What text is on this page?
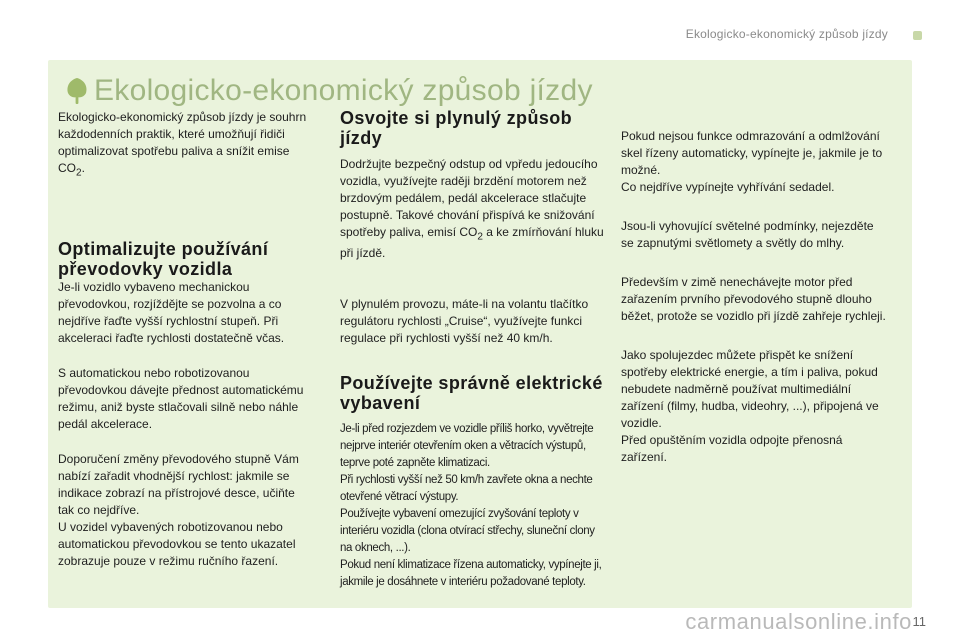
Ekologicko-ekonomický způsob jízdy
Ekologicko-ekonomický způsob jízdy

Ekologicko-ekonomický způsob jízdy je souhrn každodenních praktik, které umožňují řidiči optimalizovat spotřebu paliva a snížit emise $CO_2$.

Optimalizujte používání převodovky vozidla

Je-li vozidlo vybaveno mechanickou převodovkou, rozjíždějte se pozvolna a co nejdříve řaďte vyšší rychlostní stupeň. Při akceleraci řaďte rychlosti dostatečně včas.

S automatickou nebo robotizovanou převodovkou dávejte přednost automatickému režimu, aniž byste stlačovali silně nebo náhle pedál akcelerace.

Doporučení změny převodového stupně Vám nabízí zařadit vhodnější rychlost: jakmile se indikace zobrazí na přístrojové desce, učiňte tak co nejdříve.

U vozidel vybavených robotizovanou nebo automatickou převodovkou se tento ukazatel zobrazuje pouze v režimu ručního řazení.

Osvojte si plynulý způsob jízdy

Dodržujte bezpečný odstup od vpředu jedoucího vozidla, využívejte raději brzdění motorem než brzdovým pedálem, pedál akcelerace stlačujte postupně. Takové chování přispívá ke snižování spotřeby paliva, emisí $CO_2$ a ke zmírňování hluku při jízdě.

V plynulém provozu, máte-li na volantu tlačítko regulátoru rychlosti „Cruise“, využívejte funkci regulace při rychlosti vyšší než 40 km/h.

Používejte správně elektrické vybavení

Je-li před rozjezdem ve vozidle příliš horko, vyvětrejte nejprve interiér otevřením oken a větracích výstupů, teprve poté zapněte klimatizaci.

Při rychlosti vyšší než 50 km/h zavřete okna a nechte otevřené větrací výstupy.

Používejte vybavení omezující zvyšování teploty v interiéru vozidla (clona otvírací střechy, sluneční clony na oknech, ...).

Pokud není klimatizace řízena automaticky, vypínejte ji, jakmile je dosáhnete v interiéru požadované teploty.

Pokud nejsou funkce odmrazování a odmlžování skel řízeny automaticky, vypínejte je, jakmile je to možné.

Co nejdříve vypínejte vyhřívání sedadel.

Jsou-li vyhovující světelné podmínky, nejezděte se zapnutými světlomety a světly do mlhy.

Především v zimě nenechávejte motor před zařazením prvního převodového stupně dlouho běžet, protože se vozidlo při jízdě zahřeje rychleji.

Jako spolujezdec můžete přispět ke snížení spotřeby elektrické energie, a tím i paliva, pokud nebudete nadměrně používat multimediální zařízení (filmy, hudba, videohry, ...), připojená ve vozidle.

Před opuštěním vozidla odpojte přenosná zařízení.

carmanualsonline.info 11
